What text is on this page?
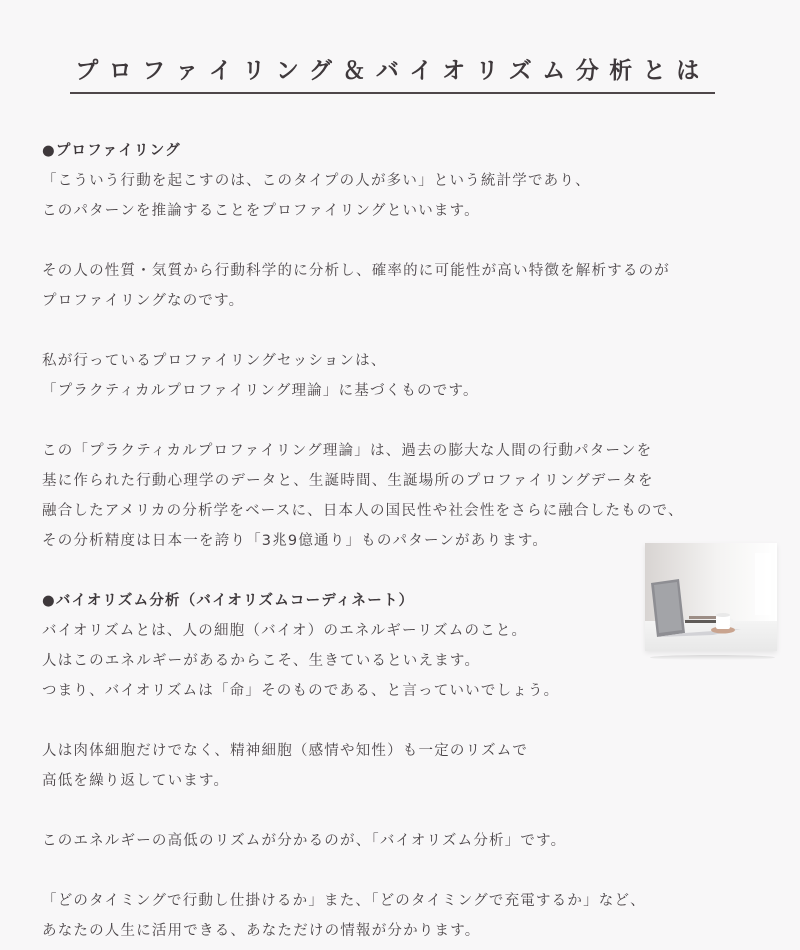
プロファイリング＆バイオリズム分析とは
●プロファイリング
「こういう行動を起こすのは、このタイプの人が多い」という統計学であり、
このパターンを推論することをプロファイリングといいます。
その人の性質・気質から行動科学的に分析し、確率的に可能性が高い特徴を解析するのが
プロファイリングなのです。
私が行っているプロファイリングセッションは、
「プラクティカルプロファイリング理論」に基づくものです。
この「プラクティカルプロファイリング理論」は、過去の膨大な人間の行動パターンを
基に作られた行動心理学のデータと、生誕時間、生誕場所のプロファイリングデータを
融合したアメリカの分析学をベースに、日本人の国民性や社会性をさらに融合したもので、
その分析精度は日本一を誇り「3兆9億通り」ものパターンがあります。
●バイオリズム分析（バイオリズムコーディネート）
バイオリズムとは、人の細胞（バイオ）のエネルギーリズムのこと。
人はこのエネルギーがあるからこそ、生きているといえます。
つまり、バイオリズムは「命」そのものである、と言っていいでしょう。
人は肉体細胞だけでなく、精神細胞（感情や知性）も一定のリズムで
高低を繰り返しています。
このエネルギーの高低のリズムが分かるのが、「バイオリズム分析」です。
「どのタイミングで行動し仕掛けるか」また、「どのタイミングで充電するか」など、
あなたの人生に活用できる、あなただけの情報が分かります。
